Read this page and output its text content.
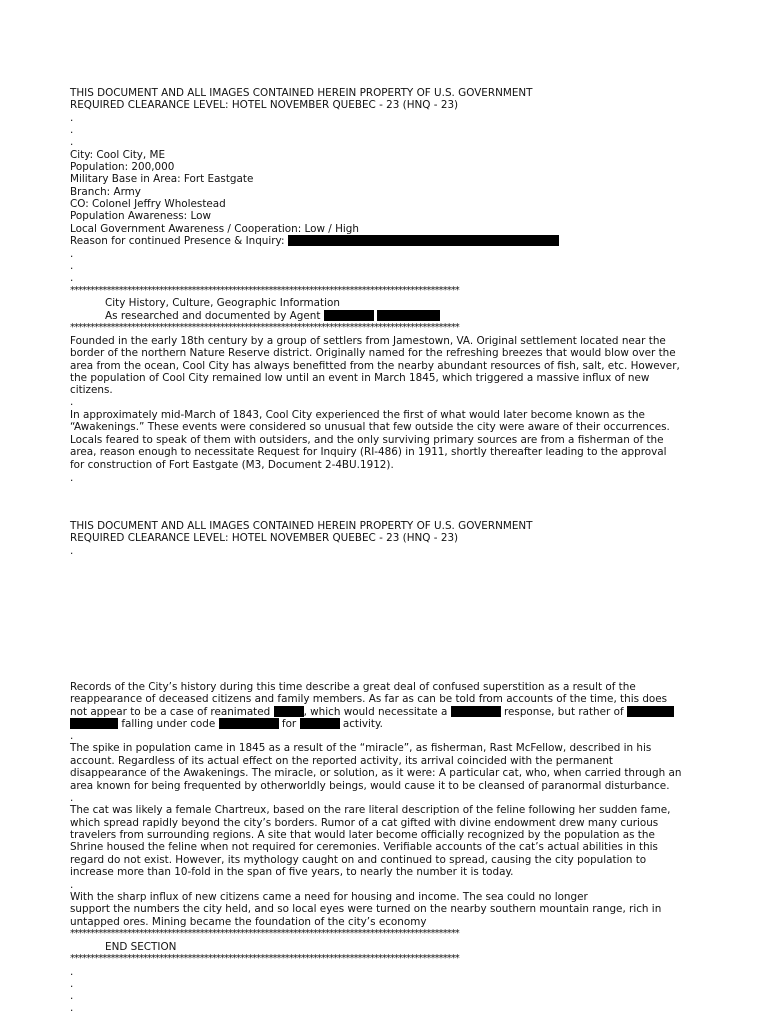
THIS DOCUMENT AND ALL IMAGES CONTAINED HEREIN PROPERTY OF U.S. GOVERNMENT
REQUIRED CLEARANCE LEVEL: HOTEL NOVEMBER QUEBEC - 23 (HNQ - 23)
.
.
.
City: Cool City, ME
Population: 200,000
Military Base in Area: Fort Eastgate
Branch: Army
CO: Colonel Jeffry Wholestead
Population Awareness: Low
Local Government Awareness / Cooperation: Low / High
Reason for continued Presence & Inquiry:
.
.
.
************************************************************************************************
City History, Culture, Geographic Information
As researched and documented by Agent
************************************************************************************************
Founded in the early 18th century by a group of settlers from Jamestown, VA. Original settlement located near the
border of the northern Nature Reserve district. Originally named for the refreshing breezes that would blow over the
area from the ocean, Cool City has always benefitted from the nearby abundant resources of fish, salt, etc. However,
the population of Cool City remained low until an event in March 1845, which triggered a massive influx of new
citizens.
.
In approximately mid-March of 1843, Cool City experienced the first of what would later become known as the
“Awakenings.” These events were considered so unusual that few outside the city were aware of their occurrences.
Locals feared to speak of them with outsiders, and the only surviving primary sources are from a fisherman of the
area, reason enough to necessitate Request for Inquiry (RI-486) in 1911, shortly thereafter leading to the approval
for construction of Fort Eastgate (M3, Document 2-4BU.1912).
.
THIS DOCUMENT AND ALL IMAGES CONTAINED HEREIN PROPERTY OF U.S. GOVERNMENT
REQUIRED CLEARANCE LEVEL: HOTEL NOVEMBER QUEBEC - 23 (HNQ - 23)
.
Records of the City’s history during this time describe a great deal of confused superstition as a result of the
reappearance of deceased citizens and family members. As far as can be told from accounts of the time, this does
not appear to be a case of reanimated	, which would necessitate a	response, but rather of
falling under code	for	activity.
.
The spike in population came in 1845 as a result of the “miracle”, as fisherman, Rast McFellow, described in his
account. Regardless of its actual effect on the reported activity, its arrival coincided with the permanent
disappearance of the Awakenings. The miracle, or solution, as it were: A particular cat, who, when carried through an
area known for being frequented by otherworldly beings, would cause it to be cleansed of paranormal disturbance.
.
The cat was likely a female Chartreux, based on the rare literal description of the feline following her sudden fame,
which spread rapidly beyond the city’s borders. Rumor of a cat gifted with divine endowment drew many curious
travelers from surrounding regions. A site that would later become officially recognized by the population as the
Shrine housed the feline when not required for ceremonies. Verifiable accounts of the cat’s actual abilities in this
regard do not exist. However, its mythology caught on and continued to spread, causing the city population to
increase more than 10-fold in the span of five years, to nearly the number it is today.
.
With the sharp influx of new citizens came a need for housing and income. The sea could no longer
support the numbers the city held, and so local eyes were turned on the nearby southern mountain range, rich in
untapped ores. Mining became the foundation of the city’s economy
************************************************************************************************
END SECTION
************************************************************************************************
.
.
.
.
